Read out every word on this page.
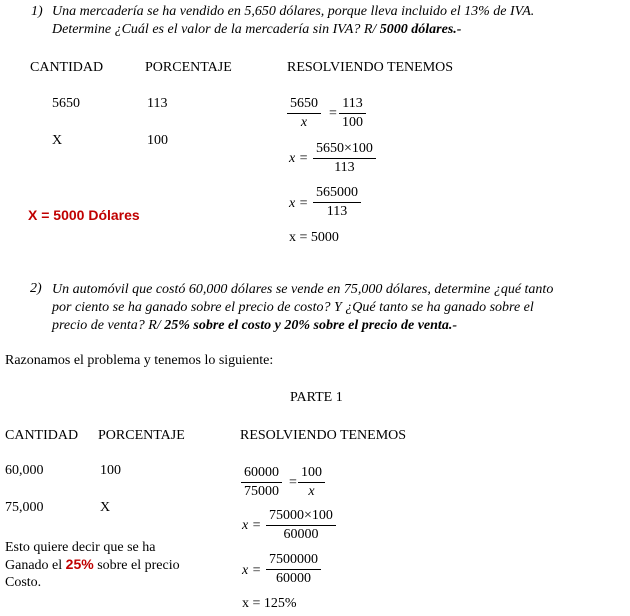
1) Una mercadería se ha vendido en 5,650 dólares, porque lleva incluido el 13% de IVA.
Determine ¿Cuál es el valor de la mercadería sin IVA? R/ 5000 dólares.-
CANTIDAD	PORCENTAJE	RESOLVIENDO TENEMOS
5650	113
X	100
X = 5000 Dólares
$\frac{5650}{x} = \frac{113}{100}$
$x = \frac{5650\times 100}{113}$
$x = \frac{565000}{113}$
x = 5000
2) Un automóvil que costó 60,000 dólares se vende en 75,000 dólares, determine ¿qué tanto
por ciento se ha ganado sobre el precio de costo? Y ¿Qué tanto se ha ganado sobre el
precio de venta? R/ 25% sobre el costo y 20% sobre el precio de venta.-
Razonamos el problema y tenemos lo siguiente:
PARTE 1
CANTIDAD PORCENTAJE	RESOLVIENDO TENEMOS
60,000	100
75,000	X
Esto quiere decir que se ha
Ganado el 25% sobre el precio
Costo.
$\frac{60000}{75000} = \frac{100}{x}$
$x = \frac{75000\times 100}{60000}$
$x = \frac{7500000}{60000}$
x = 125%
